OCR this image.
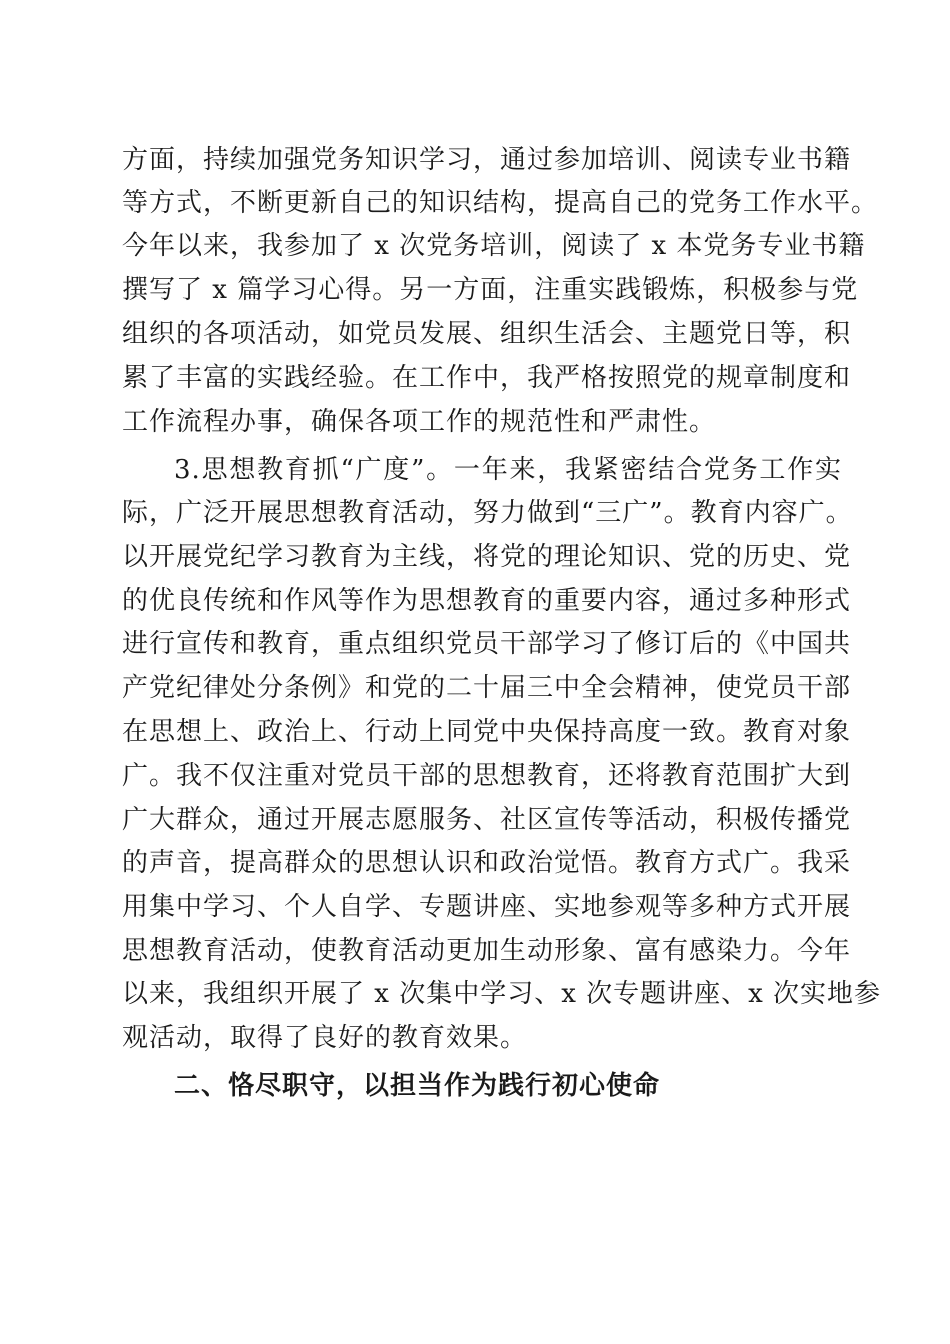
方面，持续加强党务知识学习，通过参加培训、阅读专业书籍
等方式，不断更新自己的知识结构，提高自己的党务工作水平。
今年以来，我参加了 x 次党务培训，阅读了 x 本党务专业书籍
撰写了 x 篇学习心得。另一方面，注重实践锻炼，积极参与党
组织的各项活动，如党员发展、组织生活会、主题党日等，积
累了丰富的实践经验。在工作中，我严格按照党的规章制度和
工作流程办事，确保各项工作的规范性和严肃性。
3.思想教育抓“广度”。一年来，我紧密结合党务工作实
际，广泛开展思想教育活动，努力做到“三广”。教育内容广。
以开展党纪学习教育为主线，将党的理论知识、党的历史、党
的优良传统和作风等作为思想教育的重要内容，通过多种形式
进行宣传和教育，重点组织党员干部学习了修订后的《中国共
产党纪律处分条例》和党的二十届三中全会精神，使党员干部
在思想上、政治上、行动上同党中央保持高度一致。教育对象
广。我不仅注重对党员干部的思想教育，还将教育范围扩大到
广大群众，通过开展志愿服务、社区宣传等活动，积极传播党
的声音，提高群众的思想认识和政治觉悟。教育方式广。我采
用集中学习、个人自学、专题讲座、实地参观等多种方式开展
思想教育活动，使教育活动更加生动形象、富有感染力。今年
以来，我组织开展了 x 次集中学习、x 次专题讲座、x 次实地参
观活动，取得了良好的教育效果。
二、恪尽职守，以担当作为践行初心使命
